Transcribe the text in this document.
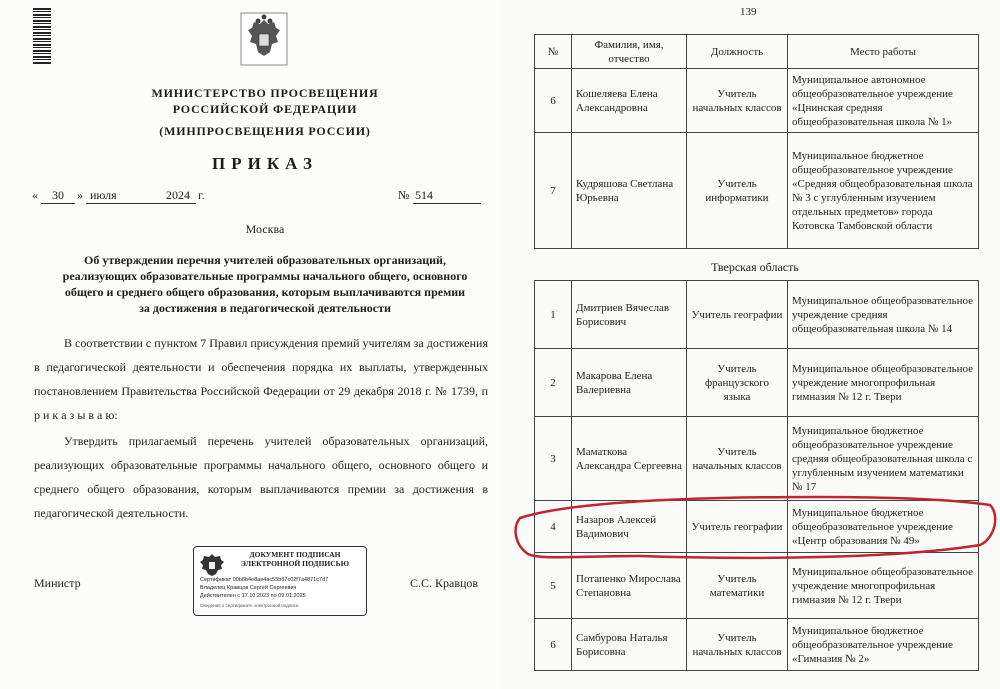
МИНИСТЕРСТВО ПРОСВЕЩЕНИЯ
РОССИЙСКОЙ ФЕДЕРАЦИИ
(МИНПРОСВЕЩЕНИЯ РОССИИ)
ПРИКАЗ
«	30	» июля	2024 г.	№ 514
Москва
Об утверждении перечня учителей образовательных организаций,
реализующих образовательные программы начального общего, основного
общего и среднего общего образования, которым выплачиваются премии
за достижения в педагогической деятельности
В соответствии с пунктом 7 Правил присуждения премий учителям за достижения в педагогической деятельности и обеспечения порядка их выплаты, утвержденных постановлением Правительства Российской Федерации от 29 декабря 2018 г. № 1739, п р и к а з ы в а ю:
Утвердить прилагаемый перечень учителей образовательных организаций, реализующих образовательные программы начального общего, основного общего и среднего общего образования, которым выплачиваются премии за достижения в педагогической деятельности.
Министр	С.С. Кравцов
ДОКУМЕНТ ПОДПИСАН
ЭЛЕКТРОННОЙ ПОДПИСЬЮ
Сертификат 00b8b4e8ae4ac55b67c02f7a4871c7d7
Владелец Кравцов Сергей Сергеевич
Действителен с 17.10.2023 по 09.01.2025
Сведения о сертификате электронной подписи
139
№	Фамилия, имя, отчество	Должность	Место работы
6	Кошеляева Елена Александровна	Учитель начальных классов	Муниципальное автономное общеобразовательное учреждение «Цнинская средняя общеобразовательная школа № 1»
7	Кудряшова Светлана Юрьевна	Учитель информатики	Муниципальное бюджетное общеобразовательное учреждение «Средняя общеобразовательная школа № 3 с углубленным изучением отдельных предметов» города Котовска Тамбовской области
Тверская область
1	Дмитриев Вячеслав Борисович	Учитель географии	Муниципальное общеобразовательное учреждение средняя общеобразовательная школа № 14
2	Макарова Елена Валериевна	Учитель французского языка	Муниципальное общеобразовательное учреждение многопрофильная гимназия № 12 г. Твери
3	Маматкова Александра Сергеевна	Учитель начальных классов	Муниципальное бюджетное общеобразовательное учреждение средняя общеобразовательная школа с углубленным изучением математики № 17
4	Назаров Алексей Вадимович	Учитель географии	Муниципальное бюджетное общеобразовательное учреждение «Центр образования № 49»
5	Потапенко Мирослава Степановна	Учитель математики	Муниципальное общеобразовательное учреждение многопрофильная гимназия № 12 г. Твери
6	Самбурова Наталья Борисовна	Учитель начальных классов	Муниципальное бюджетное общеобразовательное учреждение «Гимназия № 2»
